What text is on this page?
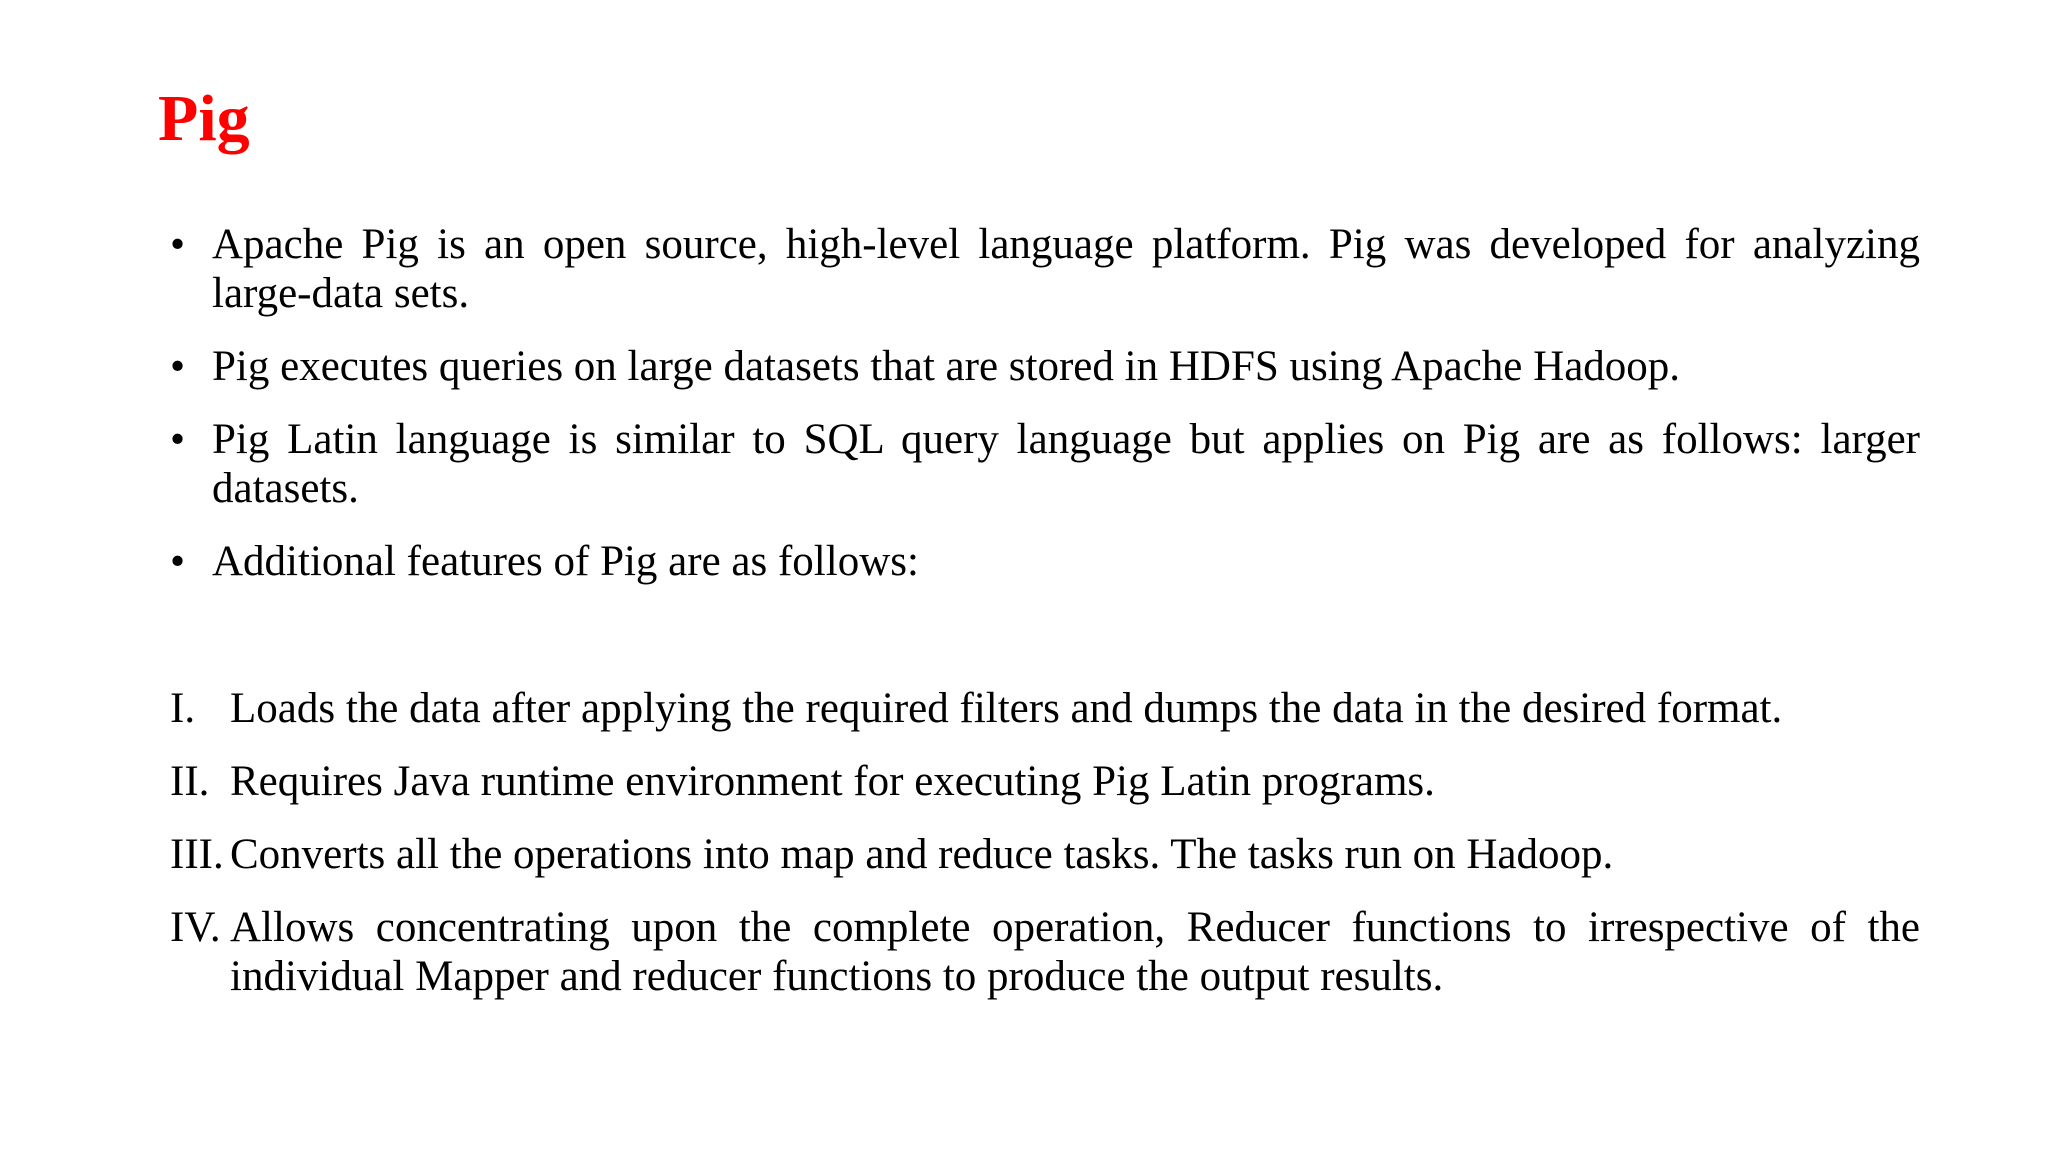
Pig
• Apache Pig is an open source, high-level language platform. Pig was developed for analyzing large-data sets.
• Pig executes queries on large datasets that are stored in HDFS using Apache Hadoop.
• Pig Latin language is similar to SQL query language but applies on Pig are as follows: larger datasets.
• Additional features of Pig are as follows:
I. Loads the data after applying the required filters and dumps the data in the desired format.
II. Requires Java runtime environment for executing Pig Latin programs.
III. Converts all the operations into map and reduce tasks. The tasks run on Hadoop.
IV. Allows concentrating upon the complete operation, Reducer functions to irrespective of the individual Mapper and reducer functions to produce the output results.
